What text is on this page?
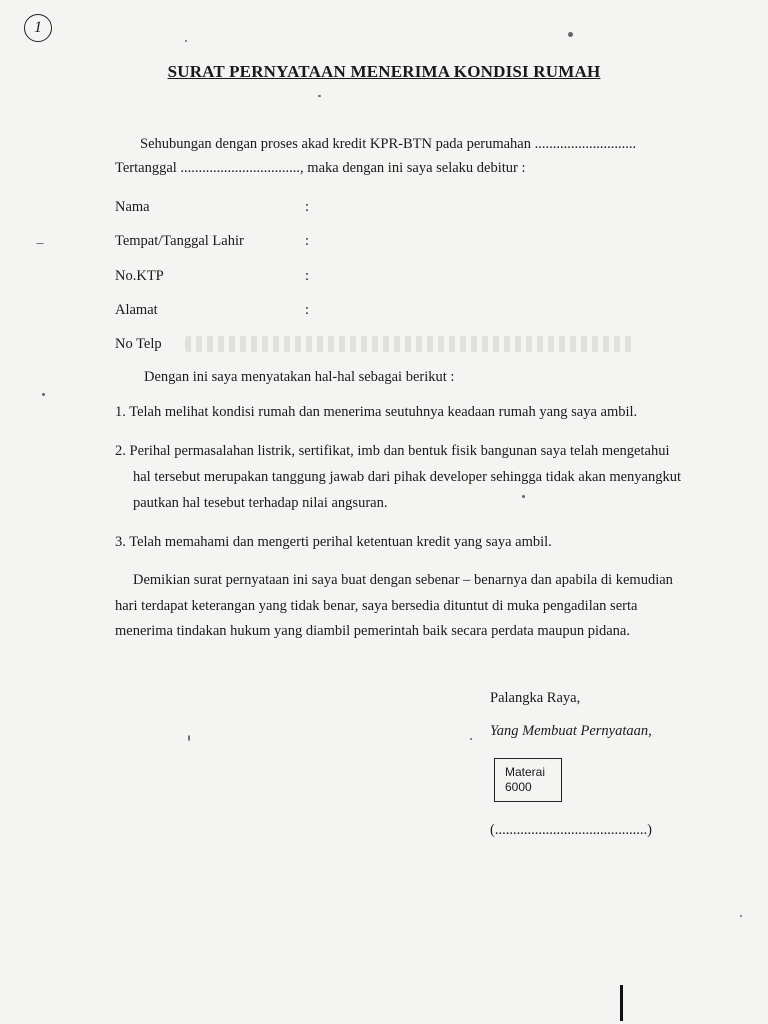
1
SURAT PERNYATAAN MENERIMA KONDISI RUMAH
Sehubungan dengan proses akad kredit KPR-BTN pada perumahan ............................
Tertanggal ................................., maka dengan ini saya selaku debitur :
Nama	:
Tempat/Tanggal Lahir	:
No.KTP	:
Alamat	:
No Telp
Dengan ini saya menyatakan hal-hal sebagai berikut :
1. Telah melihat kondisi rumah dan menerima seutuhnya keadaan rumah yang saya ambil.
2. Perihal permasalahan listrik, sertifikat, imb dan bentuk fisik bangunan saya telah mengetahui
hal tersebut merupakan tanggung jawab dari pihak developer sehingga tidak akan menyangkut
pautkan hal tesebut terhadap nilai angsuran.
3. Telah memahami dan mengerti perihal ketentuan kredit yang saya ambil.
Demikian surat pernyataan ini saya buat dengan sebenar – benarnya dan apabila di kemudian
hari terdapat keterangan yang tidak benar, saya bersedia dituntut di muka pengadilan serta
menerima tindakan hukum yang diambil pemerintah baik secara perdata maupun pidana.
Palangka Raya,
Yang Membuat Pernyataan,
Materai
6000
(..........................................)
